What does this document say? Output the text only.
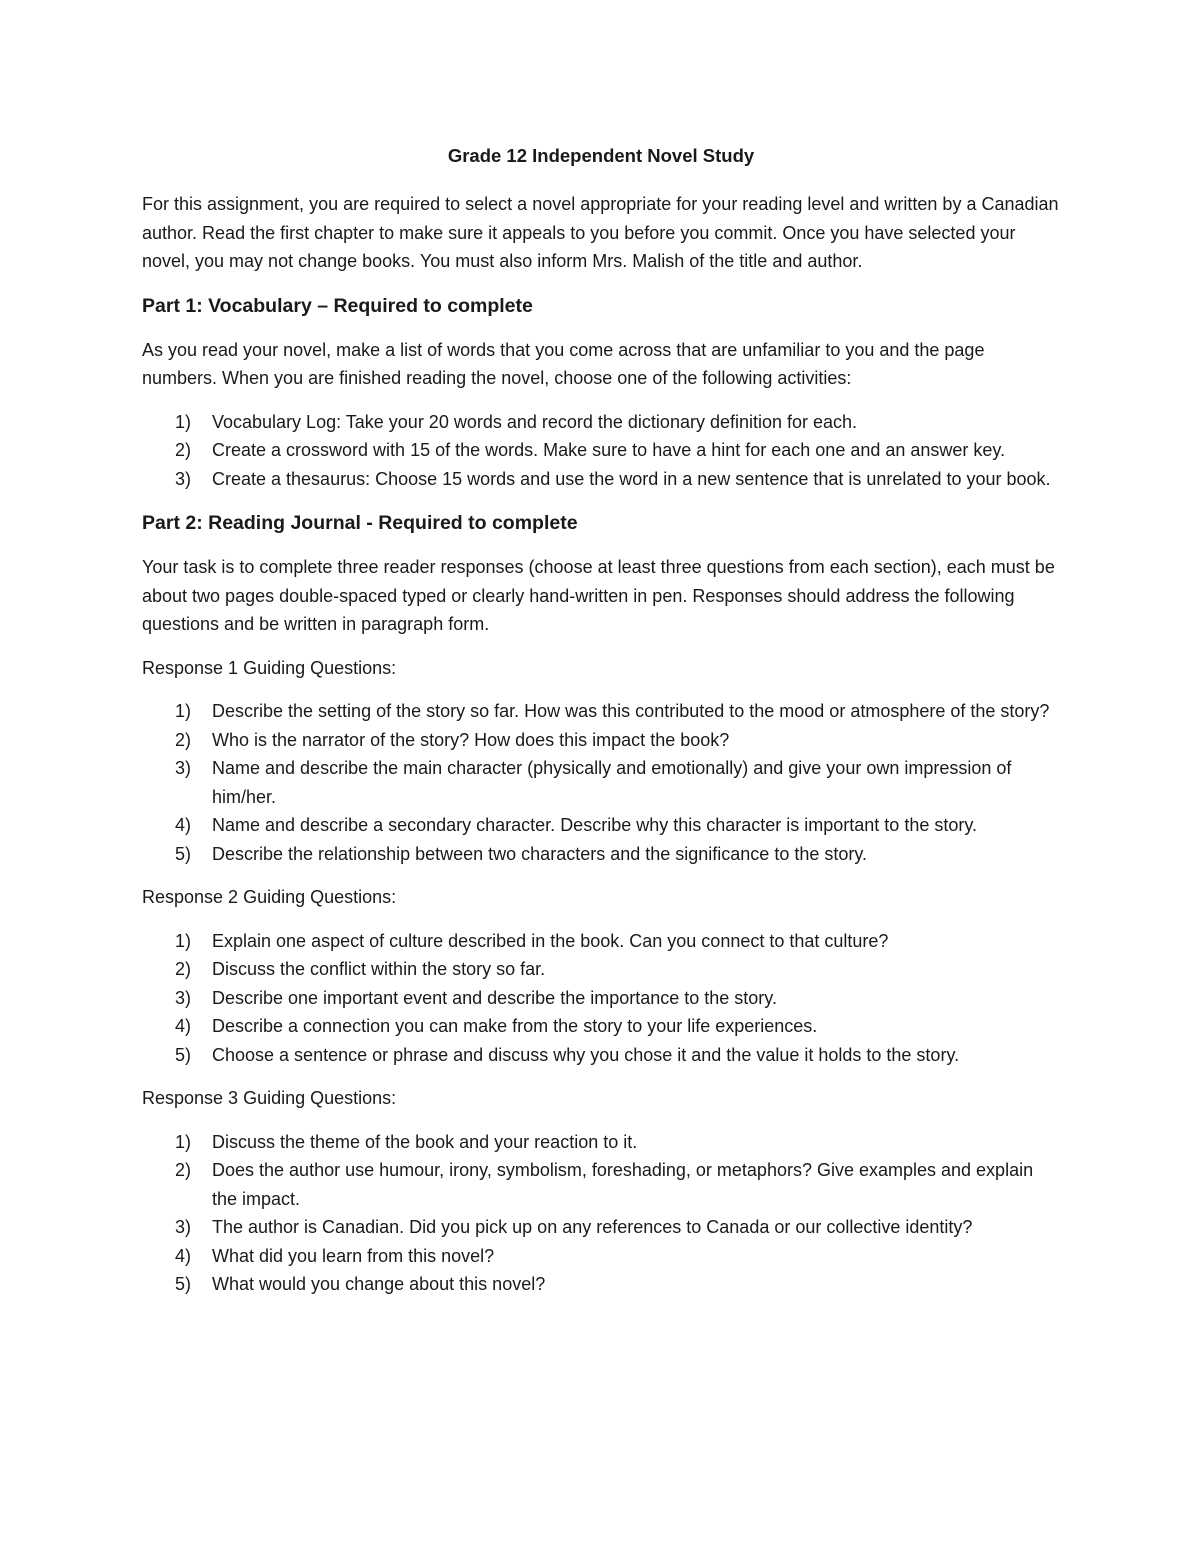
Grade 12 Independent Novel Study

For this assignment, you are required to select a novel appropriate for your reading level and written by a Canadian author. Read the first chapter to make sure it appeals to you before you commit. Once you have selected your novel, you may not change books. You must also inform Mrs. Malish of the title and author.

Part 1: Vocabulary – Required to complete

As you read your novel, make a list of words that you come across that are unfamiliar to you and the page numbers. When you are finished reading the novel, choose one of the following activities:

1) Vocabulary Log: Take your 20 words and record the dictionary definition for each.
2) Create a crossword with 15 of the words. Make sure to have a hint for each one and an answer key.
3) Create a thesaurus: Choose 15 words and use the word in a new sentence that is unrelated to your book.
Part 2: Reading Journal - Required to complete

Your task is to complete three reader responses (choose at least three questions from each section), each must be about two pages double-spaced typed or clearly hand-written in pen. Responses should address the following questions and be written in paragraph form.

Response 1 Guiding Questions:

1) Describe the setting of the story so far. How was this contributed to the mood or atmosphere of the story?
2) Who is the narrator of the story? How does this impact the book?
3) Name and describe the main character (physically and emotionally) and give your own impression of him/her.
4) Name and describe a secondary character. Describe why this character is important to the story.
5) Describe the relationship between two characters and the significance to the story.

Response 2 Guiding Questions:

1) Explain one aspect of culture described in the book. Can you connect to that culture?
2) Discuss the conflict within the story so far.
3) Describe one important event and describe the importance to the story.
4) Describe a connection you can make from the story to your life experiences.
5) Choose a sentence or phrase and discuss why you chose it and the value it holds to the story.

Response 3 Guiding Questions:

1) Discuss the theme of the book and your reaction to it.
2) Does the author use humour, irony, symbolism, foreshading, or metaphors? Give examples and explain the impact.
3) The author is Canadian. Did you pick up on any references to Canada or our collective identity?
4) What did you learn from this novel?
5) What would you change about this novel?
